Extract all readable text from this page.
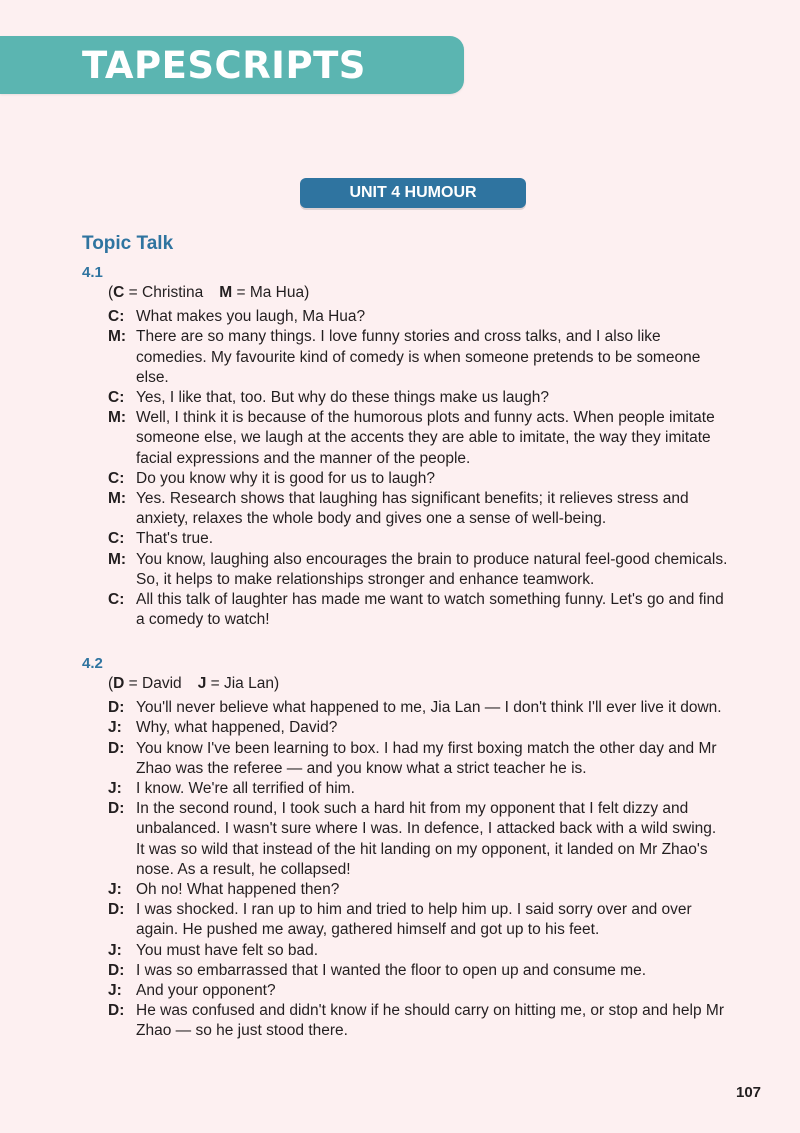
TAPESCRIPTS
UNIT 4 HUMOUR
Topic Talk
4.1
(C = Christina M = Ma Hua)
C: What makes you laugh, Ma Hua?
M: There are so many things. I love funny stories and cross talks, and I also like comedies. My favourite kind of comedy is when someone pretends to be someone else.
C: Yes, I like that, too. But why do these things make us laugh?
M: Well, I think it is because of the humorous plots and funny acts. When people imitate someone else, we laugh at the accents they are able to imitate, the way they imitate facial expressions and the manner of the people.
C: Do you know why it is good for us to laugh?
M: Yes. Research shows that laughing has significant benefits; it relieves stress and anxiety, relaxes the whole body and gives one a sense of well-being.
C: That's true.
M: You know, laughing also encourages the brain to produce natural feel-good chemicals. So, it helps to make relationships stronger and enhance teamwork.
C: All this talk of laughter has made me want to watch something funny. Let's go and find a comedy to watch!
4.2
(D = David J = Jia Lan)
D: You'll never believe what happened to me, Jia Lan — I don't think I'll ever live it down.
J: Why, what happened, David?
D: You know I've been learning to box. I had my first boxing match the other day and Mr Zhao was the referee — and you know what a strict teacher he is.
J: I know. We're all terrified of him.
D: In the second round, I took such a hard hit from my opponent that I felt dizzy and unbalanced. I wasn't sure where I was. In defence, I attacked back with a wild swing. It was so wild that instead of the hit landing on my opponent, it landed on Mr Zhao's nose. As a result, he collapsed!
J: Oh no! What happened then?
D: I was shocked. I ran up to him and tried to help him up. I said sorry over and over again. He pushed me away, gathered himself and got up to his feet.
J: You must have felt so bad.
D: I was so embarrassed that I wanted the floor to open up and consume me.
J: And your opponent?
D: He was confused and didn't know if he should carry on hitting me, or stop and help Mr Zhao — so he just stood there.
107
